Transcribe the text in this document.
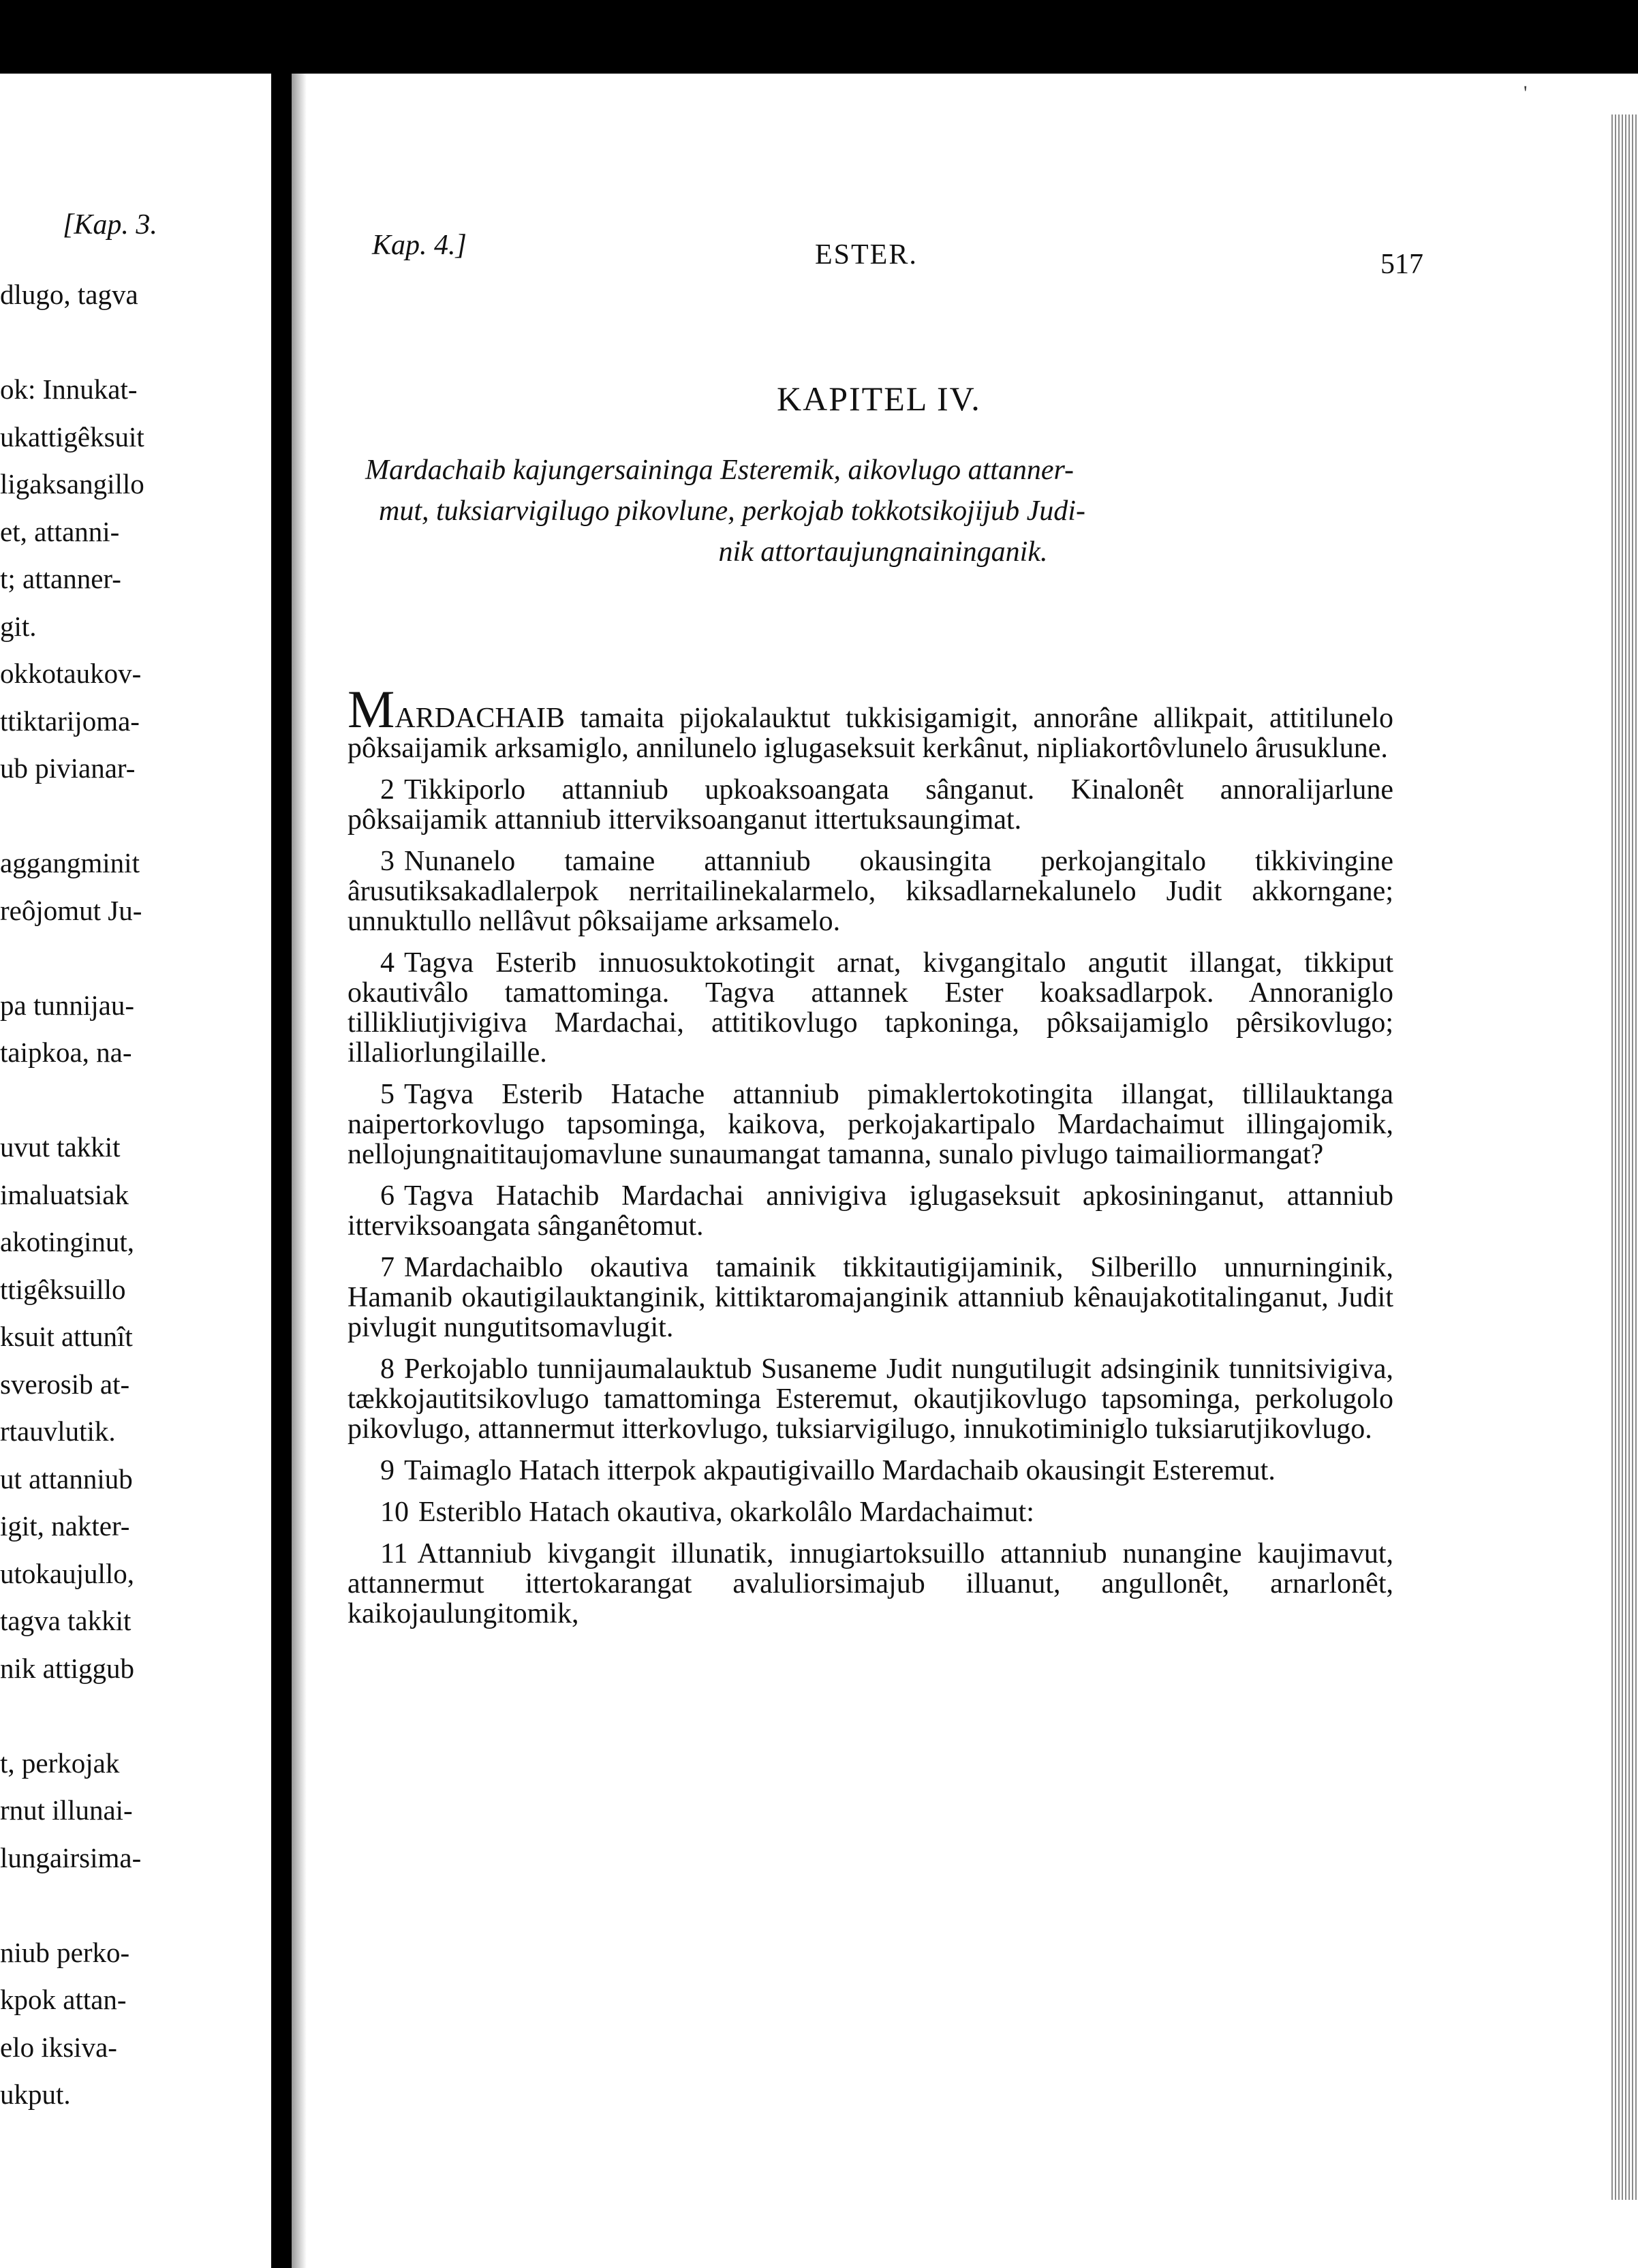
[Kap. 3.
dlugo, tagva
ok: Innukat-
ukattigêksuit
ligaksangillo
et, attanni-
t; attanner-
git.
okkotaukov-
ttiktarijoma-
ub pivianar-
aggangminit
reôjomut Ju-
pa tunnijau-
taipkoa, na-
uvut takkit
imaluatsiak
akotinginut,
ttigêksuillo
ksuit attunît
sverosib at-
rtauvlutik.
ut attanniub
igit, nakter-
utokaujullo,
tagva takkit
nik attiggub
t, perkojak
rnut illunai-
lungairsima-
niub perko-
kpok attan-
elo iksiva-
ukput.
Kap. 4.]	ESTER.	517
KAPITEL IV.

Mardachaib kajungersaininga Esteremik, aikovlugo attanner-

mut, tuksiarvigilugo pikovlune, perkojab tokkotsikojijub Judi-

nik attortaujungnaininganik.

MARDACHAIB tamaita pijokalauktut tukkisigamigit, annorâne allikpait, attitilunelo pôksaijamik arksamiglo, annilunelo iglugaseksuit kerkânut, nipliakortôvlunelo ârusuklune.

2 Tikkiporlo attanniub upkoaksoangata sânganut. Kinalonêt annoralijarlune pôksaijamik attanniub itterviksoanganut ittertuksaungimat.

3 Nunanelo tamaine attanniub okausingita perkojangitalo tikkivingine ârusutiksakadlalerpok nerritailinekalarmelo, kiksadlarnekalunelo Judit akkorngane; unnuktullo nellâvut pôksaijame arksamelo.

4 Tagva Esterib innuosuktokotingit arnat, kivgangitalo angutit illangat, tikkiput okautivâlo tamattominga. Tagva attannek Ester koaksadlarpok. Annoraniglo tillikliutjivigiva Mardachai, attitikovlugo tapkoninga, pôksaijamiglo pêrsikovlugo; illaliorlungilaille.

5 Tagva Esterib Hatache attanniub pimaklertokotingita illangat, tillilauktanga naipertorkovlugo tapsominga, kaikova, perkojakartipalo Mardachaimut illingajomik, nellojungnaititaujomavlune sunaumangat tamanna, sunalo pivlugo taimailiormangat?

6 Tagva Hatachib Mardachai annivigiva iglugaseksuit apkosininganut, attanniub itterviksoangata sânganêtomut.

7 Mardachaiblo okautiva tamainik tikkitautigijaminik, Silberillo unnurninginik, Hamanib okautigilauktanginik, kittiktaromajanginik attanniub kênaujakotitalinganut, Judit pivlugit nungutitsomavlugit.

8 Perkojablo tunnijaumalauktub Susaneme Judit nungutilugit adsinginik tunnitsivigiva, tækkojautitsikovlugo tamattominga Esteremut, okautjikovlugo tapsominga, perkolugolo pikovlugo, attannermut itterkovlugo, tuksiarvigilugo, innukotiminiglo tuksiarutjikovlugo.

9 Taimaglo Hatach itterpok akpautigivaillo Mardachaib okausingit Esteremut.

10 Esteriblo Hatach okautiva, okarkolâlo Mardachaimut:

11 Attanniub kivgangit illunatik, innugiartoksuillo attanniub nunangine kaujimavut, attannermut ittertokarangat avaluliorsimajub illuanut, angullonêt, arnarlonêt, kaikojaulungitomik,

'
